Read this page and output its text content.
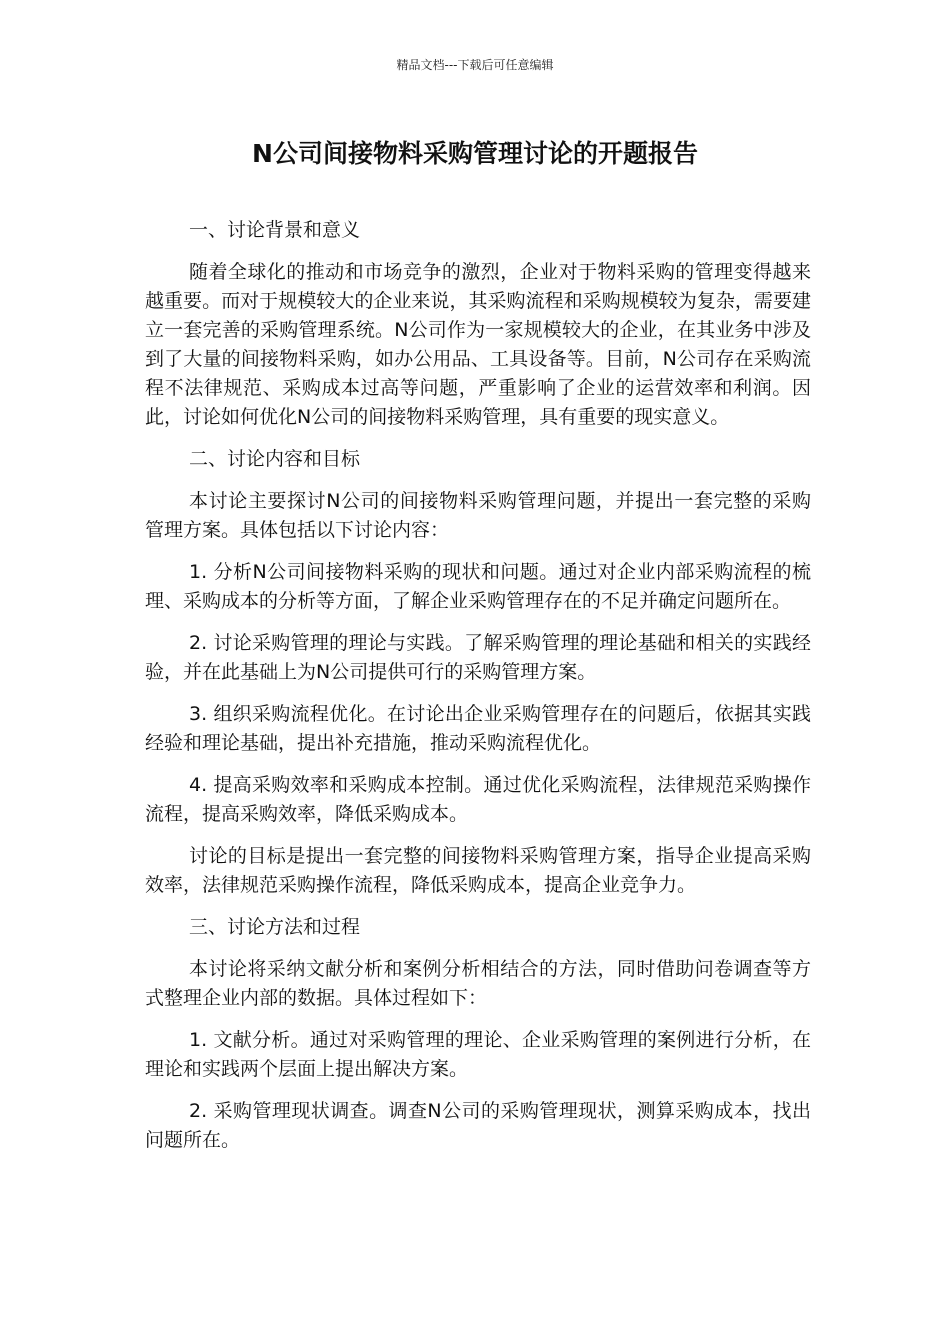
精品文档---下载后可任意编辑
N公司间接物料采购管理讨论的开题报告

一、讨论背景和意义

随着全球化的推动和市场竞争的激烈，企业对于物料采购的管理变得越来越重要。而对于规模较大的企业来说，其采购流程和采购规模较为复杂，需要建立一套完善的采购管理系统。N公司作为一家规模较大的企业，在其业务中涉及到了大量的间接物料采购，如办公用品、工具设备等。目前，N公司存在采购流程不法律规范、采购成本过高等问题，严重影响了企业的运营效率和利润。因此，讨论如何优化N公司的间接物料采购管理，具有重要的现实意义。

二、讨论内容和目标

本讨论主要探讨N公司的间接物料采购管理问题，并提出一套完整的采购管理方案。具体包括以下讨论内容：

1. 分析N公司间接物料采购的现状和问题。通过对企业内部采购流程的梳理、采购成本的分析等方面，了解企业采购管理存在的不足并确定问题所在。

2. 讨论采购管理的理论与实践。了解采购管理的理论基础和相关的实践经验，并在此基础上为N公司提供可行的采购管理方案。

3. 组织采购流程优化。在讨论出企业采购管理存在的问题后，依据其实践经验和理论基础，提出补充措施，推动采购流程优化。

4. 提高采购效率和采购成本控制。通过优化采购流程，法律规范采购操作流程，提高采购效率，降低采购成本。

讨论的目标是提出一套完整的间接物料采购管理方案，指导企业提高采购效率，法律规范采购操作流程，降低采购成本，提高企业竞争力。

三、讨论方法和过程

本讨论将采纳文献分析和案例分析相结合的方法，同时借助问卷调查等方式整理企业内部的数据。具体过程如下：

1. 文献分析。通过对采购管理的理论、企业采购管理的案例进行分析，在理论和实践两个层面上提出解决方案。

2. 采购管理现状调查。调查N公司的采购管理现状，测算采购成本，找出问题所在。
